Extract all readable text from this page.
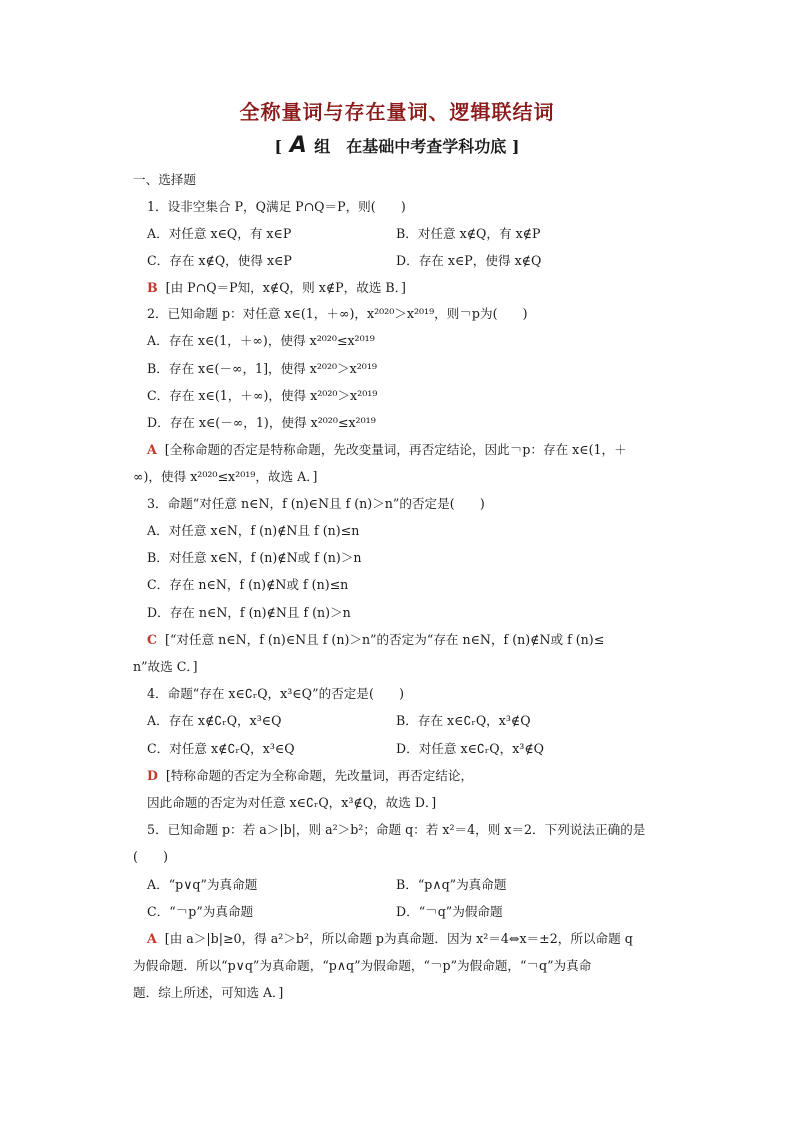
全称量词与存在量词、逻辑联结词
[ A 组　在基础中考查学科功底 ]
一、选择题
1．设非空集合 P，Q满足 P∩Q＝P，则(　　)
A．对任意 x∈Q，有 x∈P	B．对任意 x∉Q，有 x∉P
C．存在 x∉Q，使得 x∈P	D．存在 x∈P，使得 x∉Q
B [由 P∩Q＝P知，x∉Q，则 x∉P，故选 B．]
2．已知命题 p：对任意 x∈(1，＋∞)，x²⁰²⁰＞x²⁰¹⁹，则￢p为(　　)
A．存在 x∈(1，＋∞)，使得 x²⁰²⁰≤x²⁰¹⁹
B．存在 x∈(－∞，1]，使得 x²⁰²⁰＞x²⁰¹⁹
C．存在 x∈(1，＋∞)，使得 x²⁰²⁰＞x²⁰¹⁹
D．存在 x∈(－∞，1)，使得 x²⁰²⁰≤x²⁰¹⁹
A [全称命题的否定是特称命题，先改变量词，再否定结论，因此￢p：存在 x∈(1，＋
∞)，使得 x²⁰²⁰≤x²⁰¹⁹，故选 A．]
3．命题“对任意 n∈N，f (n)∈N且 f (n)＞n”的否定是(　　)
A．对任意 x∈N，f (n)∉N且 f (n)≤n
B．对任意 x∈N，f (n)∉N或 f (n)＞n
C．存在 n∈N，f (n)∉N或 f (n)≤n
D．存在 n∈N，f (n)∉N且 f (n)＞n
C [“对任意 n∈N，f (n)∈N且 f (n)＞n”的否定为“存在 n∈N，f (n)∉N或 f (n)≤
n”故选 C．]
4．命题“存在 x∈∁ᵣQ，x³∈Q”的否定是(　　)
A．存在 x∉∁ᵣQ，x³∈Q	B．存在 x∈∁ᵣQ，x³∉Q
C．对任意 x∉∁ᵣQ，x³∈Q	D．对任意 x∈∁ᵣQ，x³∉Q
D [特称命题的否定为全称命题，先改量词，再否定结论，
因此命题的否定为对任意 x∈∁ᵣQ，x³∉Q，故选 D．]
5．已知命题 p：若 a＞|b|，则 a²＞b²；命题 q：若 x²＝4，则 x＝2．下列说法正确的是
(　　)
A．“p∨q”为真命题	B．“p∧q”为真命题
C．“￢p”为真命题	D．“￢q”为假命题
A [由 a＞|b|≥0，得 a²＞b²，所以命题 p为真命题．因为 x²＝4⇔x＝±2，所以命题 q
为假命题．所以“p∨q”为真命题，“p∧q”为假命题，“￢p”为假命题，“￢q”为真命
题．综上所述，可知选 A．]
